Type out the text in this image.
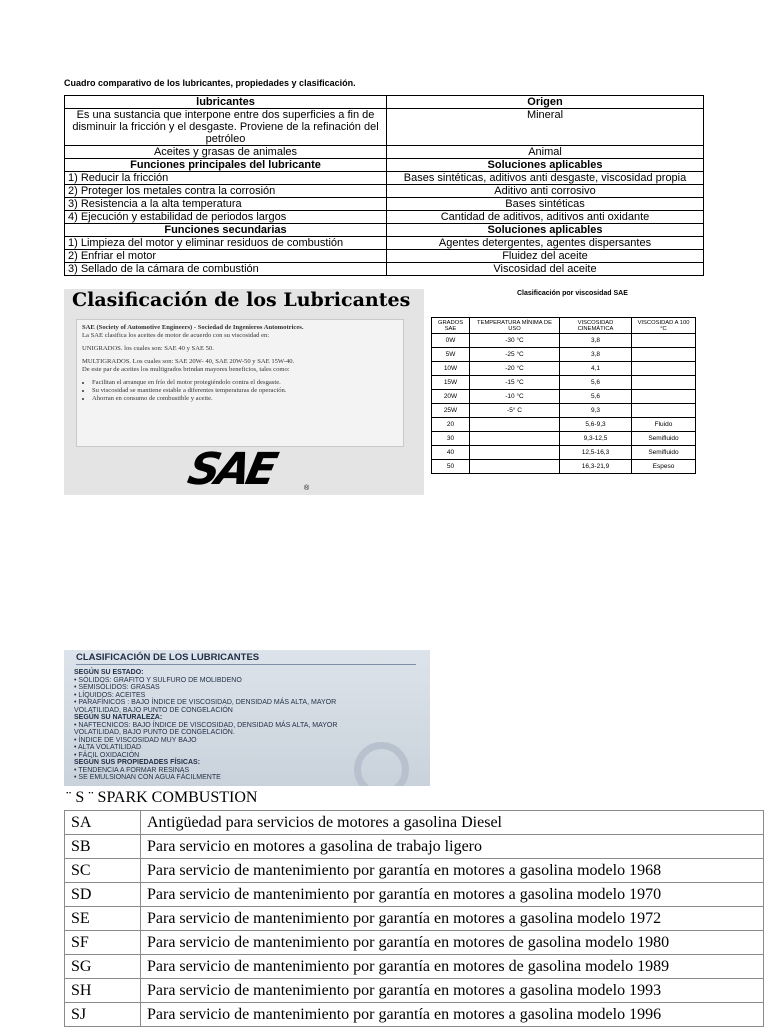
Cuadro comparativo de los lubricantes, propiedades y clasificación.
lubricantes	Origen
Es una sustancia que interpone entre dos superficies a fin de disminuir la fricción y el desgaste. Proviene de la refinación del petróleo	Mineral
Aceites y grasas de animales	Animal
Funciones principales del lubricante	Soluciones aplicables
1) Reducir la fricción	Bases sintéticas, aditivos anti desgaste, viscosidad propia
2) Proteger los metales contra la corrosión	Aditivo anti corrosivo
3) Resistencia a la alta temperatura	Bases sintéticas
4) Ejecución y estabilidad de periodos largos	Cantidad de aditivos, aditivos anti oxidante
Funciones secundarias	Soluciones aplicables
1) Limpieza del motor y eliminar residuos de combustión	Agentes detergentes, agentes dispersantes
2) Enfriar el motor	Fluidez del aceite
3) Sellado de la cámara de combustión	Viscosidad del aceite
Clasificación de los Lubricantes

SAE (Society of Automotive Engineers) - Sociedad de Ingenieros Automotrices.
La SAE clasifica los aceites de motor de acuerdo con su viscosidad en:

UNIGRADOS. los cuales son: SAE 40 y SAE 50.

MULTIGRADOS. Los cuales son: SAE 20W- 40, SAE 20W-50 y SAE 15W-40.
De este par de aceites los multigrados brindan mayores beneficios, tales como:

• Facilitan el arranque en frío del motor protegiéndolo contra el desgaste.
• Su viscosidad se mantiene estable a diferentes temperaturas de operación.
• Ahorran en consumo de combustible y aceite.
SAE	®
Clasificación por viscosidad SAE
GRADOS SAE	TEMPERATURA MÍNIMA DE USO	VISCOSIDAD CINEMÁTICA	VISCOSIDAD A 100 °C
0W	-30 °C	3,8	
5W	-25 °C	3,8	
10W	-20 °C	4,1	
15W	-15 °C	5,6	
20W	-10 °C	5,6	
25W	-5° C	9,3	
20		5,6-9,3	Fluido
30		9,3-12,5	Semifluido
40		12,5-16,3	Semifluido
50		16,3-21,9	Espeso
CLASIFICACIÓN DE LOS LUBRICANTES
SEGÚN SU ESTADO:
• SÓLIDOS: GRAFITO Y SULFURO DE MOLIBDENO
• SEMISÓLIDOS: GRASAS
• LÍQUIDOS: ACEITES
• PARAFÍNICOS : BAJO ÍNDICE DE VISCOSIDAD, DENSIDAD MÁS ALTA, MAYOR
VOLATILIDAD, BAJO PUNTO DE CONGELACIÓN
SEGÚN SU NATURALEZA:
• NAFTECNICOS: BAJO ÍNDICE DE VISCOSIDAD, DENSIDAD MÁS ALTA, MAYOR
VOLATILIDAD, BAJO PUNTO DE CONGELACIÓN.
• ÍNDICE DE VISCOSIDAD MUY BAJO
• ALTA VOLATILIDAD
• FÁCIL OXIDACIÓN
SEGÚN SUS PROPIEDADES FÍSICAS:
• TENDENCIA A FORMAR RESINAS
• SE EMULSIONAN CON AGUA FÁCILMENTE
¨ S ¨ SPARK COMBUSTION
SA	Antigüedad para servicios de motores a gasolina Diesel
SB	Para servicio en motores a gasolina de trabajo ligero
SC	Para servicio de mantenimiento por garantía en motores a gasolina modelo 1968
SD	Para servicio de mantenimiento por garantía en motores a gasolina modelo 1970
SE	Para servicio de mantenimiento por garantía en motores a gasolina modelo 1972
SF	Para servicio de mantenimiento por garantía en motores de gasolina modelo 1980
SG	Para servicio de mantenimiento por garantía en motores de gasolina modelo 1989
SH	Para servicio de mantenimiento por garantía en motores a gasolina modelo 1993
SJ	Para servicio de mantenimiento por garantía en motores a gasolina modelo 1996
